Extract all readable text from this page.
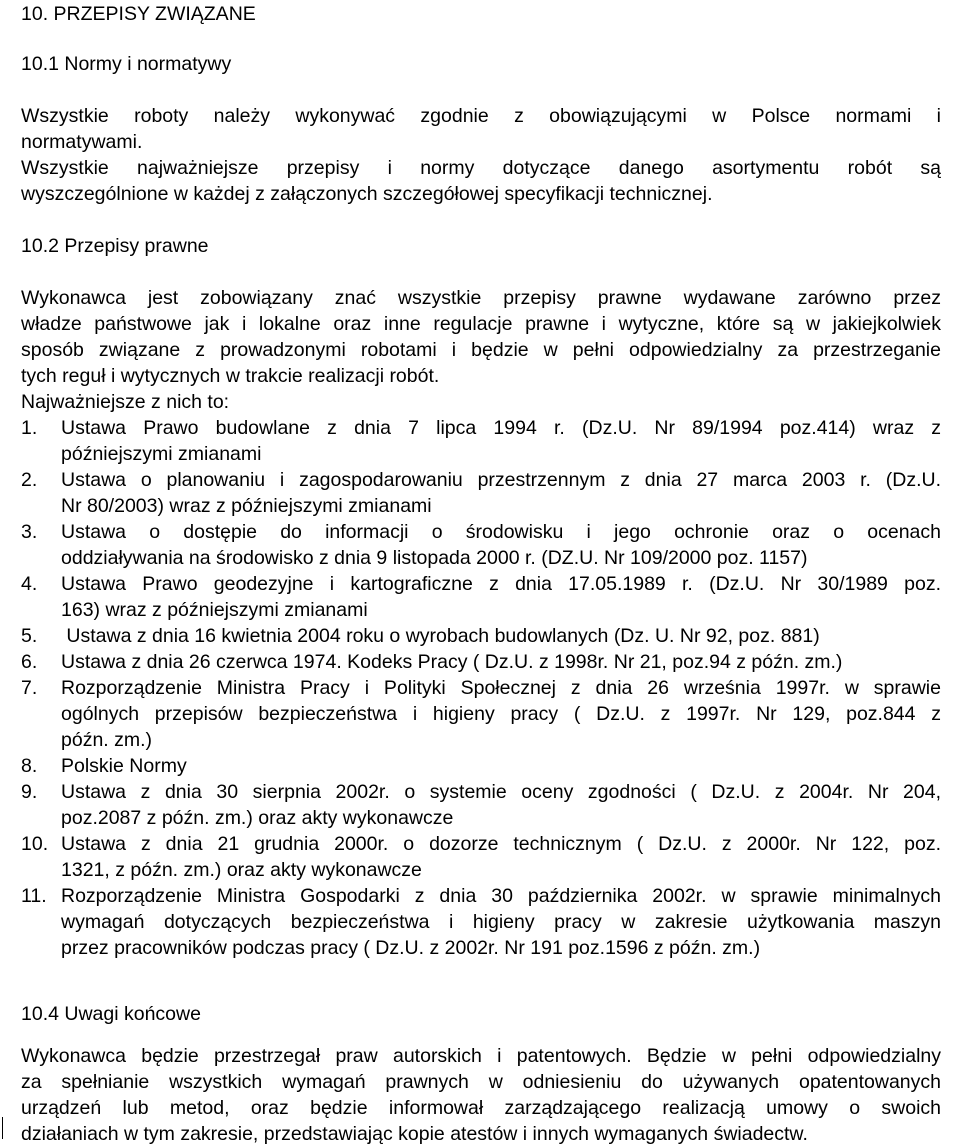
10. PRZEPISY ZWIĄZANE
10.1 Normy i normatywy
Wszystkie roboty należy wykonywać zgodnie z obowiązującymi w Polsce normami i
normatywami.
Wszystkie najważniejsze przepisy i normy dotyczące danego asortymentu robót są
wyszczególnione w każdej z załączonych szczegółowej specyfikacji technicznej.
10.2 Przepisy prawne
Wykonawca jest zobowiązany znać wszystkie przepisy prawne wydawane zarówno przez
władze państwowe jak i lokalne oraz inne regulacje prawne i wytyczne, które są w jakiejkolwiek
sposób związane z prowadzonymi robotami i będzie w pełni odpowiedzialny za przestrzeganie
tych reguł i wytycznych w trakcie realizacji robót.
Najważniejsze z nich to:
1.	Ustawa Prawo budowlane z dnia 7 lipca 1994 r. (Dz.U. Nr 89/1994 poz.414) wraz z
późniejszymi zmianami
2.	Ustawa o planowaniu i zagospodarowaniu przestrzennym z dnia 27 marca 2003 r. (Dz.U.
Nr 80/2003) wraz z późniejszymi zmianami
3.	Ustawa o dostępie do informacji o środowisku i jego ochronie oraz o ocenach
oddziaływania na środowisko z dnia 9 listopada 2000 r. (DZ.U. Nr 109/2000 poz. 1157)
4.	Ustawa Prawo geodezyjne i kartograficzne z dnia 17.05.1989 r. (Dz.U. Nr 30/1989 poz.
163) wraz z późniejszymi zmianami
5.	Ustawa z dnia 16 kwietnia 2004 roku o wyrobach budowlanych (Dz. U. Nr 92, poz. 881)
6.	Ustawa z dnia 26 czerwca 1974. Kodeks Pracy ( Dz.U. z 1998r. Nr 21, poz.94 z późn. zm.)
7.	Rozporządzenie Ministra Pracy i Polityki Społecznej z dnia 26 września 1997r. w sprawie
ogólnych przepisów bezpieczeństwa i higieny pracy ( Dz.U. z 1997r. Nr 129, poz.844 z
późn. zm.)
8.	Polskie Normy
9.	Ustawa z dnia 30 sierpnia 2002r. o systemie oceny zgodności ( Dz.U. z 2004r. Nr 204,
poz.2087 z późn. zm.) oraz akty wykonawcze
10. Ustawa z dnia 21 grudnia 2000r. o dozorze technicznym ( Dz.U. z 2000r. Nr 122, poz.
1321, z późn. zm.) oraz akty wykonawcze
11. Rozporządzenie Ministra Gospodarki z dnia 30 października 2002r. w sprawie minimalnych
wymagań dotyczących bezpieczeństwa i higieny pracy w zakresie użytkowania maszyn
przez pracowników podczas pracy ( Dz.U. z 2002r. Nr 191 poz.1596 z późn. zm.)
10.4 Uwagi końcowe
Wykonawca będzie przestrzegał praw autorskich i patentowych. Będzie w pełni odpowiedzialny
za spełnianie wszystkich wymagań prawnych w odniesieniu do używanych opatentowanych
urządzeń lub metod, oraz będzie informował zarządzającego realizacją umowy o swoich
działaniach w tym zakresie, przedstawiając kopie atestów i innych wymaganych świadectw.
